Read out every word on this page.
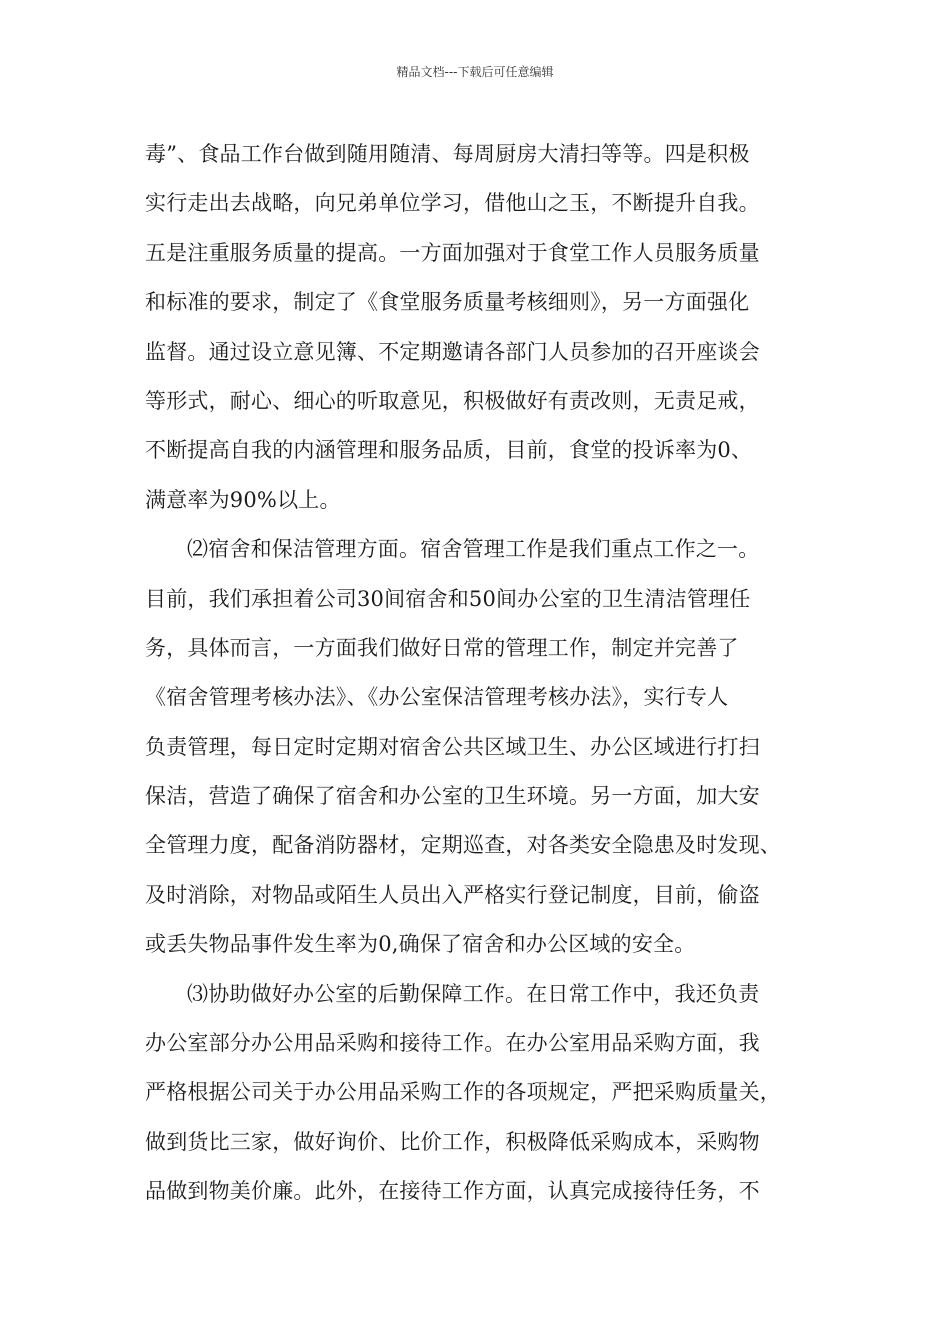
精品文档---下载后可任意编辑
毒”、食品工作台做到随用随清、每周厨房大清扫等等。四是积极
实行走出去战略，向兄弟单位学习，借他山之玉，不断提升自我。
五是注重服务质量的提高。一方面加强对于食堂工作人员服务质量
和标准的要求，制定了《食堂服务质量考核细则》，另一方面强化
监督。通过设立意见簿、不定期邀请各部门人员参加的召开座谈会
等形式，耐心、细心的听取意见，积极做好有责改则，无责足戒，
不断提高自我的内涵管理和服务品质，目前，食堂的投诉率为0、
满意率为90%以上。
⑵宿舍和保洁管理方面。宿舍管理工作是我们重点工作之一。
目前，我们承担着公司30间宿舍和50间办公室的卫生清洁管理任
务，具体而言，一方面我们做好日常的管理工作，制定并完善了
《宿舍管理考核办法》、《办公室保洁管理考核办法》，实行专人
负责管理，每日定时定期对宿舍公共区域卫生、办公区域进行打扫
保洁，营造了确保了宿舍和办公室的卫生环境。另一方面，加大安
全管理力度，配备消防器材，定期巡查，对各类安全隐患及时发现、
及时消除，对物品或陌生人员出入严格实行登记制度，目前，偷盗
或丢失物品事件发生率为0,确保了宿舍和办公区域的安全。
⑶协助做好办公室的后勤保障工作。在日常工作中，我还负责
办公室部分办公用品采购和接待工作。在办公室用品采购方面，我
严格根据公司关于办公用品采购工作的各项规定，严把采购质量关，
做到货比三家，做好询价、比价工作，积极降低采购成本，采购物
品做到物美价廉。此外，在接待工作方面，认真完成接待任务，不
